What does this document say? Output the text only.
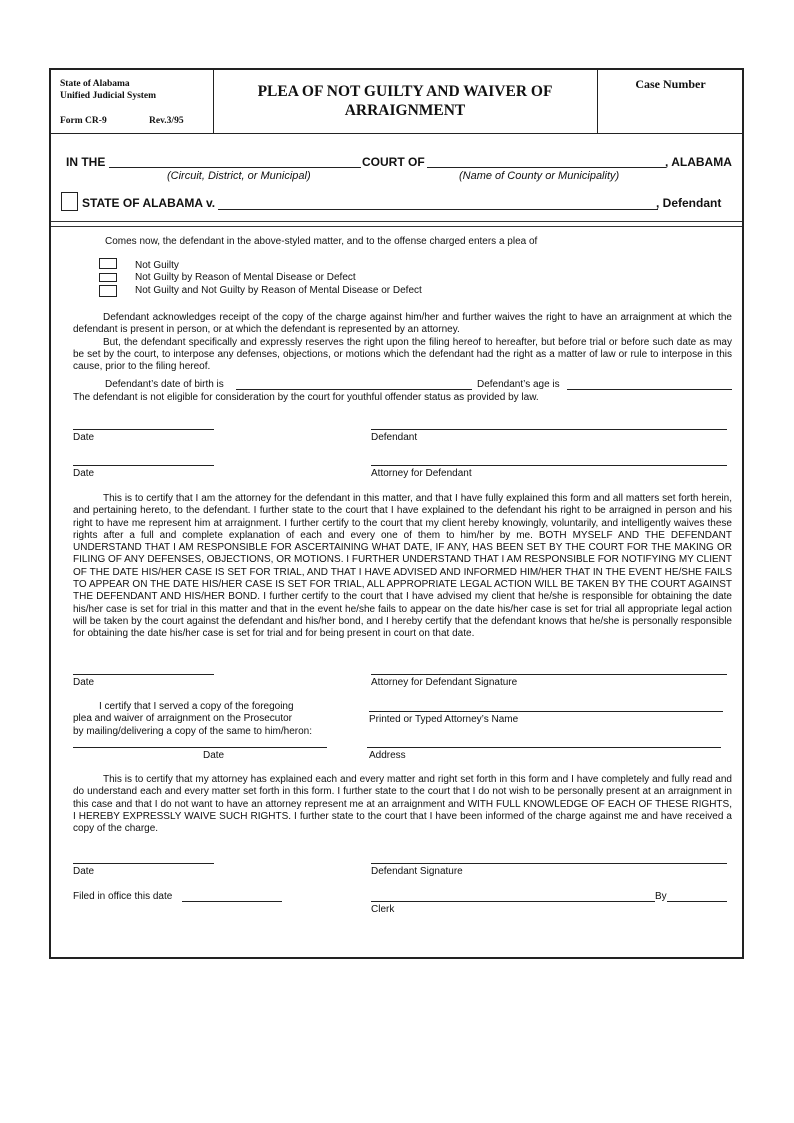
State of Alabama
Unified Judicial System
Form CR-9	Rev.3/95
PLEA OF NOT GUILTY AND WAIVER OF
ARRAIGNMENT
Case Number
IN THE	COURT OF	, ALABAMA
(Circuit, District, or Municipal)	(Name of County or Municipality)
STATE OF ALABAMA v.	, Defendant
Comes now, the defendant in the above-styled matter, and to the offense charged enters a plea of
Not Guilty
Not Guilty by Reason of Mental Disease or Defect
Not Guilty and Not Guilty by Reason of Mental Disease or Defect

Defendant acknowledges receipt of the copy of the charge against him/her and further waives the right to have an arraignment at which the defendant is present in person, or at which the defendant is represented by an attorney.

But, the defendant specifically and expressly reserves the right upon the filing hereof to hereafter, but before trial or before such date as may be set by the court, to interpose any defenses, objections, or motions which the defendant had the right as a matter of law or rule to interpose in this cause, prior to the filing hereof.

Defendant’s date of birth is	Defendant’s age is
The defendant is not eligible for consideration by the court for youthful offender status as provided by law.
Date	Defendant
Date	Attorney for Defendant

This is to certify that I am the attorney for the defendant in this matter, and that I have fully explained this form and all matters set forth herein, and pertaining hereto, to the defendant. I further state to the court that I have explained to the defendant his right to be arraigned in person and his right to have me represent him at arraignment. I further certify to the court that my client hereby knowingly, voluntarily, and intelligently waives these rights after a full and complete explanation of each and every one of them to him/her by me. BOTH MYSELF AND THE DEFENDANT UNDERSTAND THAT I AM RESPONSIBLE FOR ASCERTAINING WHAT DATE, IF ANY, HAS BEEN SET BY THE COURT FOR THE MAKING OR FILING OF ANY DEFENSES, OBJECTIONS, OR MOTIONS. I FURTHER UNDERSTAND THAT I AM RESPONSIBLE FOR NOTIFYING MY CLIENT OF THE DATE HIS/HER CASE IS SET FOR TRIAL, AND THAT I HAVE ADVISED AND INFORMED HIM/HER THAT IN THE EVENT HE/SHE FAILS TO APPEAR ON THE DATE HIS/HER CASE IS SET FOR TRIAL, ALL APPROPRIATE LEGAL ACTION WILL BE TAKEN BY THE COURT AGAINST THE DEFENDANT AND HIS/HER BOND. I further certify to the court that I have advised my client that he/she is responsible for obtaining the date his/her case is set for trial in this matter and that in the event he/she fails to appear on the date his/her case is set for trial all appropriate legal action will be taken by the court against the defendant and his/her bond, and I hereby certify that the defendant knows that he/she is personally responsible for obtaining the date his/her case is set for trial and for being present in court on that date.

Date	Attorney for Defendant Signature
I certify that I served a copy of the foregoing
plea and waiver of arraignment on the Prosecutor
by mailing/delivering a copy of the same to him/heron:
Printed or Typed Attorney’s Name
Date	Address

This is to certify that my attorney has explained each and every matter and right set forth in this form and I have completely and fully read and do understand each and every matter set forth in this form. I further state to the court that I do not wish to be personally present at an arraignment in this case and that I do not want to have an attorney represent me at an arraignment and WITH FULL KNOWLEDGE OF EACH OF THESE RIGHTS, I HEREBY EXPRESSLY WAIVE SUCH RIGHTS. I further state to the court that I have been informed of the charge against me and have received a copy of the charge.

Date	Defendant Signature
Filed in office this date	By
Clerk
